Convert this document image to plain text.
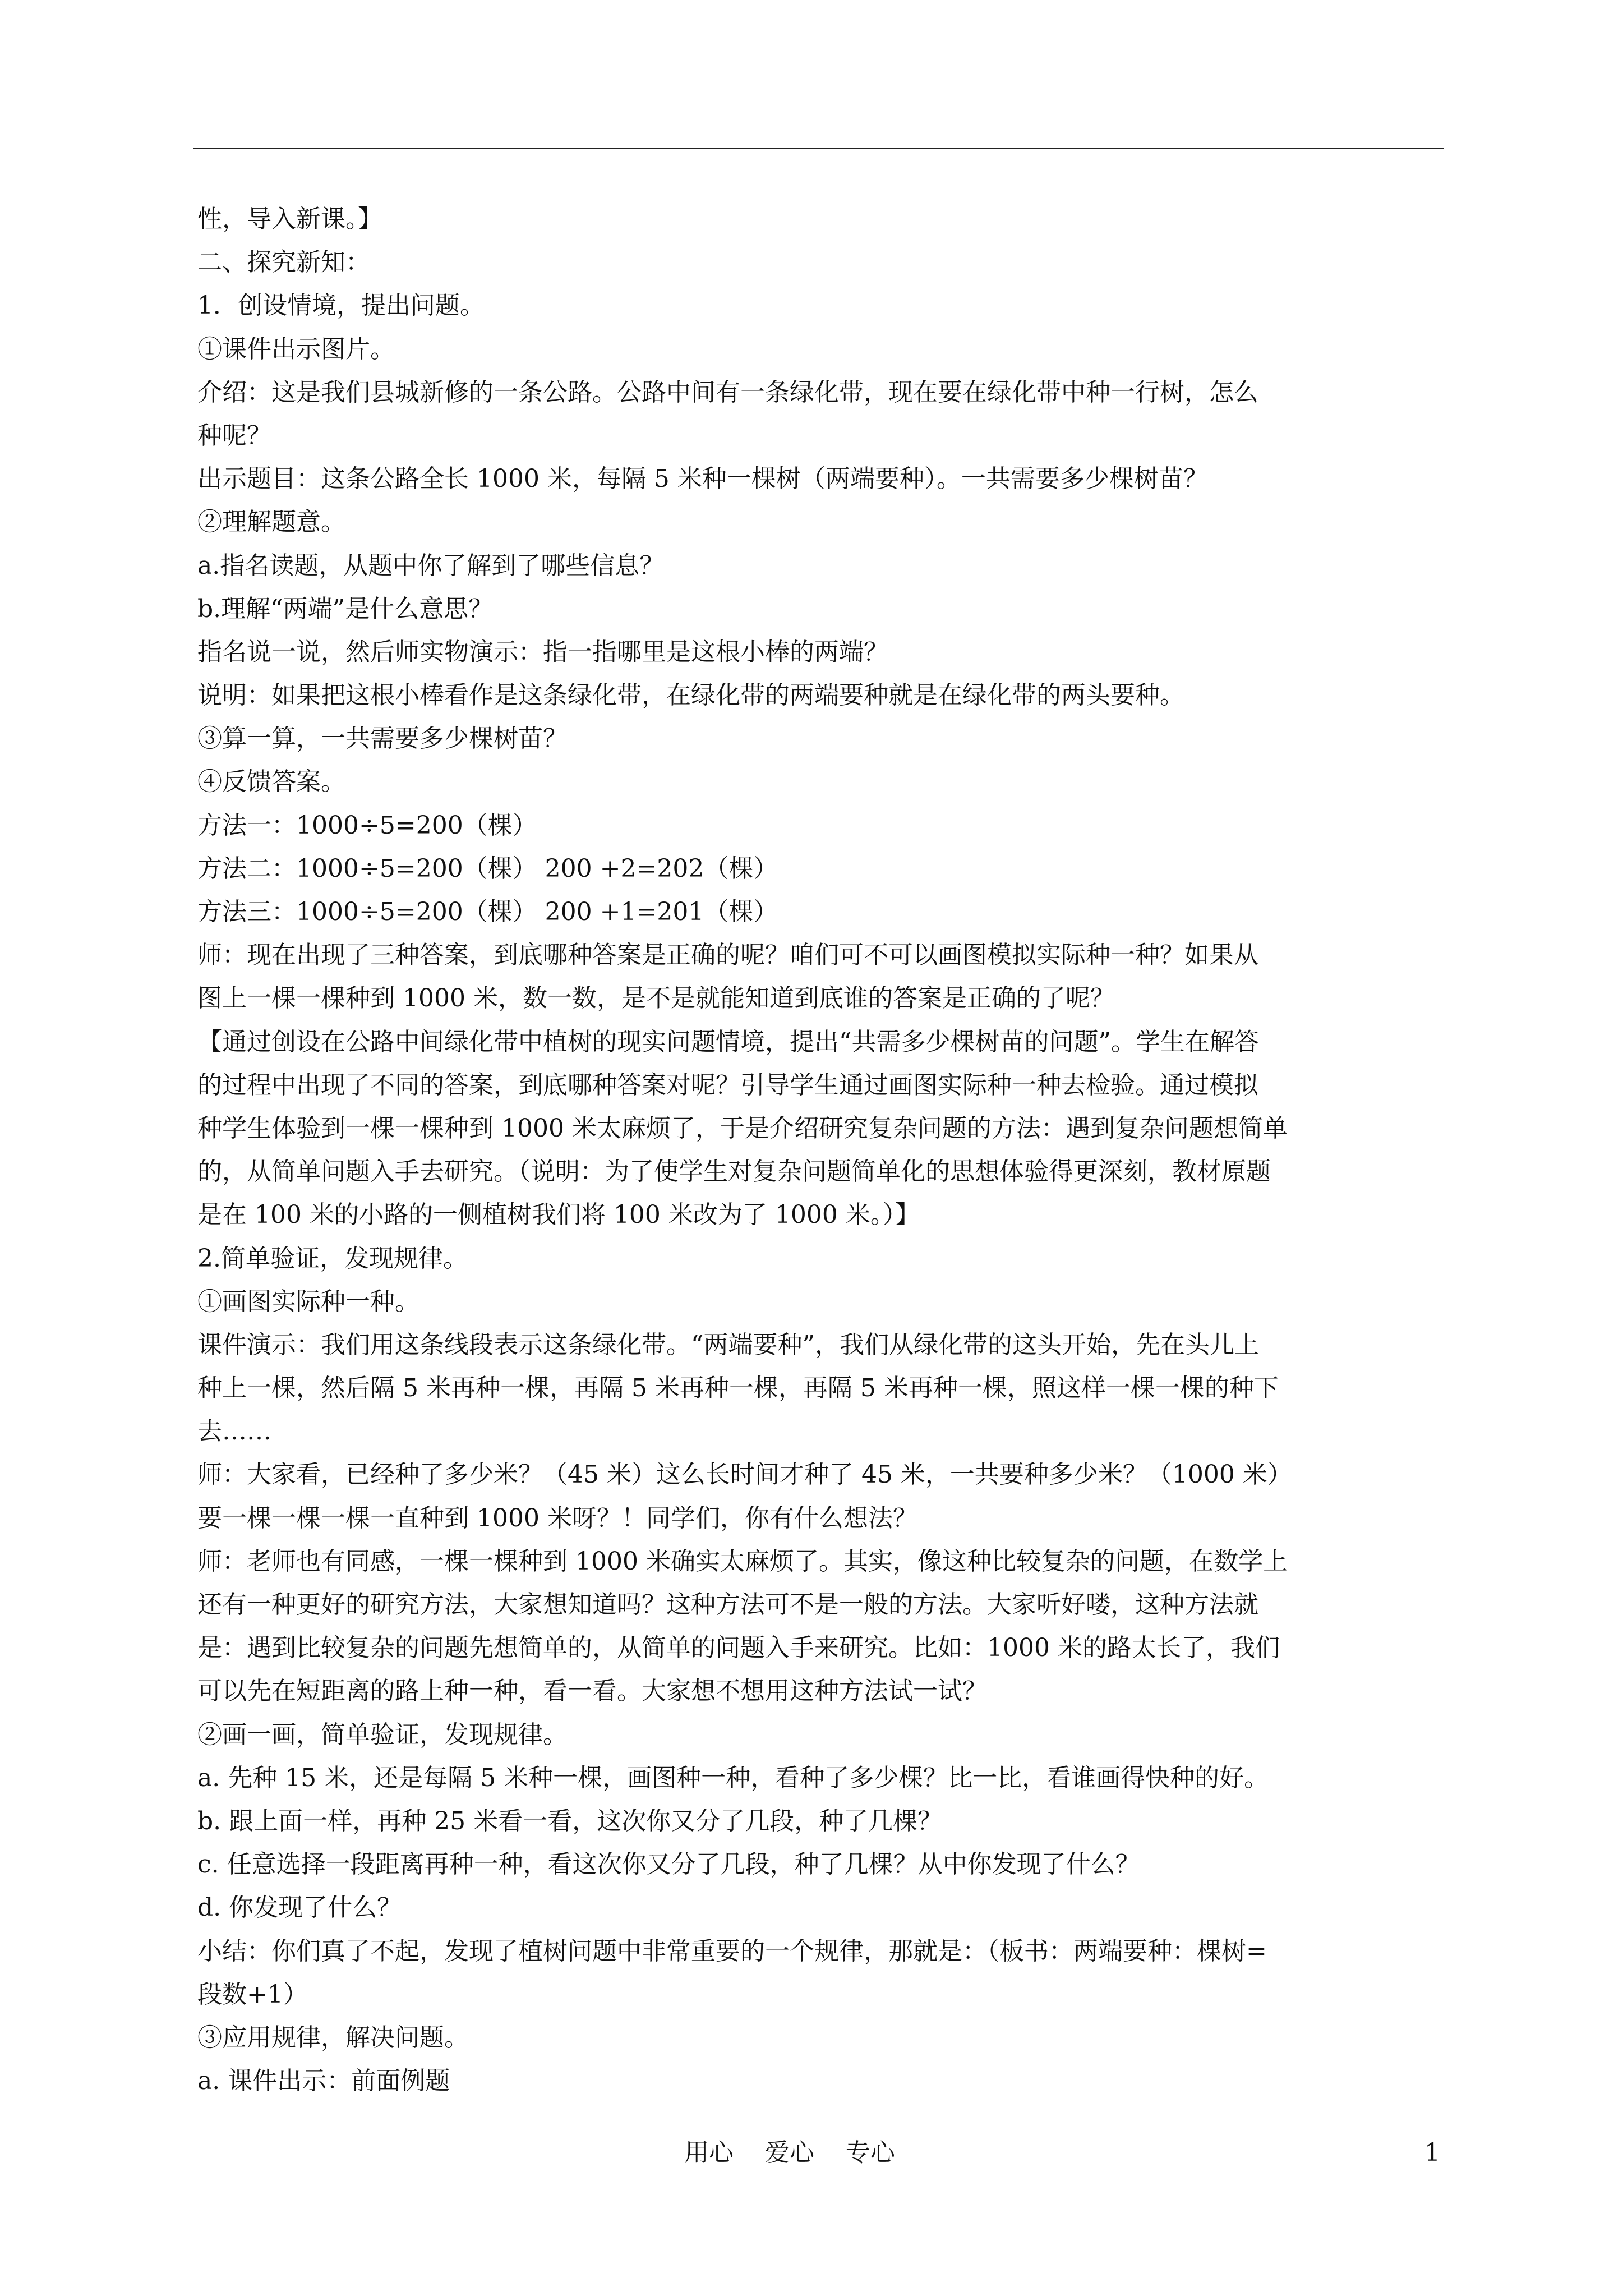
性，导入新课。】
二、探究新知：
1．创设情境，提出问题。
①课件出示图片。
介绍：这是我们县城新修的一条公路。公路中间有一条绿化带，现在要在绿化带中种一行树，怎么
种呢？
出示题目：这条公路全长 1000 米，每隔 5 米种一棵树（两端要种）。一共需要多少棵树苗？
②理解题意。
a.指名读题，从题中你了解到了哪些信息？
b.理解“两端”是什么意思？
指名说一说，然后师实物演示：指一指哪里是这根小棒的两端？
说明：如果把这根小棒看作是这条绿化带，在绿化带的两端要种就是在绿化带的两头要种。
③算一算，一共需要多少棵树苗？
④反馈答案。
方法一：1000÷5=200（棵）
方法二：1000÷5=200（棵） 200 +2=202（棵）
方法三：1000÷5=200（棵） 200 +1=201（棵）
师：现在出现了三种答案，到底哪种答案是正确的呢？咱们可不可以画图模拟实际种一种？如果从
图上一棵一棵种到 1000 米，数一数，是不是就能知道到底谁的答案是正确的了呢？
【通过创设在公路中间绿化带中植树的现实问题情境，提出“共需多少棵树苗的问题”。学生在解答
的过程中出现了不同的答案，到底哪种答案对呢？引导学生通过画图实际种一种去检验。通过模拟
种学生体验到一棵一棵种到 1000 米太麻烦了，于是介绍研究复杂问题的方法：遇到复杂问题想简单
的，从简单问题入手去研究。（说明：为了使学生对复杂问题简单化的思想体验得更深刻，教材原题
是在 100 米的小路的一侧植树我们将 100 米改为了 1000 米。）】
2.简单验证，发现规律。
①画图实际种一种。
课件演示：我们用这条线段表示这条绿化带。“两端要种”，我们从绿化带的这头开始，先在头儿上
种上一棵，然后隔 5 米再种一棵，再隔 5 米再种一棵，再隔 5 米再种一棵，照这样一棵一棵的种下
去……
师：大家看，已经种了多少米？（45 米）这么长时间才种了 45 米，一共要种多少米？（1000 米）
要一棵一棵一棵一直种到 1000 米呀？！同学们，你有什么想法？
师：老师也有同感，一棵一棵种到 1000 米确实太麻烦了。其实，像这种比较复杂的问题，在数学上
还有一种更好的研究方法，大家想知道吗？这种方法可不是一般的方法。大家听好喽，这种方法就
是：遇到比较复杂的问题先想简单的，从简单的问题入手来研究。比如：1000 米的路太长了，我们
可以先在短距离的路上种一种，看一看。大家想不想用这种方法试一试？
②画一画，简单验证，发现规律。
a. 先种 15 米，还是每隔 5 米种一棵，画图种一种，看种了多少棵？比一比，看谁画得快种的好。
b. 跟上面一样，再种 25 米看一看，这次你又分了几段，种了几棵？
c. 任意选择一段距离再种一种，看这次你又分了几段，种了几棵？从中你发现了什么？
d. 你发现了什么？
小结：你们真了不起，发现了植树问题中非常重要的一个规律，那就是：（板书：两端要种：棵树=
段数+1）
③应用规律，解决问题。
a. 课件出示：前面例题
用心    爱心    专心	1
